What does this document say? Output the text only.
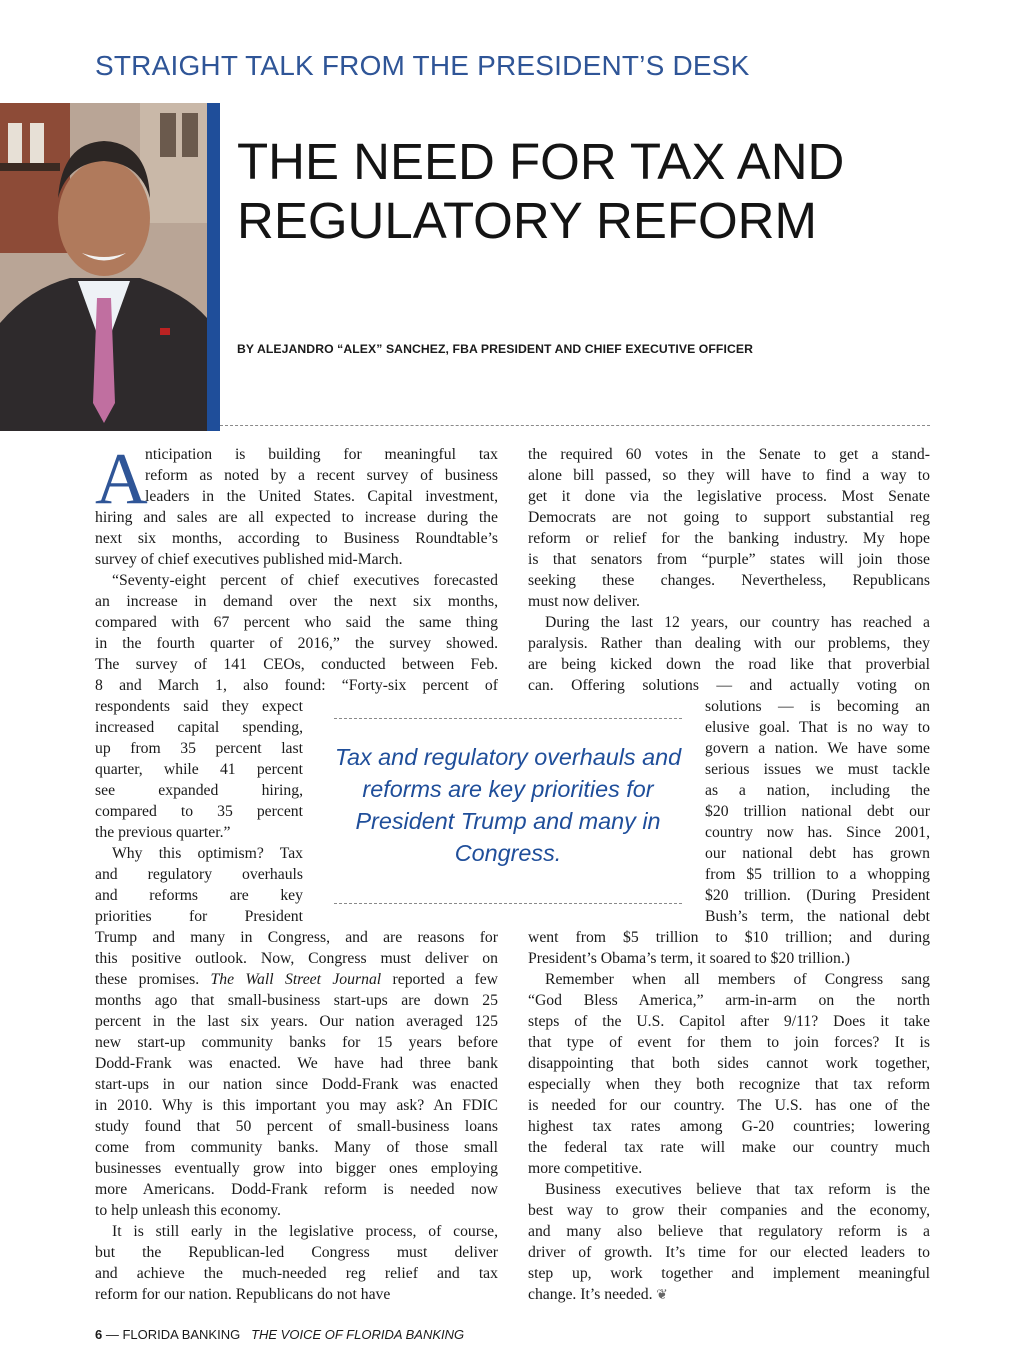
STRAIGHT TALK FROM THE PRESIDENT’S DESK
THE NEED FOR TAX AND
REGULATORY REFORM
BY ALEJANDRO “ALEX” SANCHEZ, FBA PRESIDENT AND CHIEF EXECUTIVE OFFICER
A
nticipation is building for meaningful tax
reform as noted by a recent survey of business
leaders in the United States. Capital investment,
hiring and sales are all expected to increase during the
next six months, according to Business Roundtable’s
survey of chief executives published mid-March.
“Seventy-eight percent of chief executives forecasted
an increase in demand over the next six months,
compared with 67 percent who said the same thing
in the fourth quarter of 2016,” the survey showed.
The survey of 141 CEOs, conducted between Feb.
8 and March 1, also found: “Forty-six percent of
respondents said they expect
increased capital spending,
up from 35 percent last
quarter, while 41 percent
see expanded hiring,
compared to 35 percent
the previous quarter.”
Why this optimism? Tax
and regulatory overhauls
and reforms are key
priorities for President
Trump and many in Congress, and are reasons for
this positive outlook. Now, Congress must deliver on
these promises. The Wall Street Journal reported a few
months ago that small-business start-ups are down 25
percent in the last six years. Our nation averaged 125
new start-up community banks for 15 years before
Dodd-Frank was enacted. We have had three bank
start-ups in our nation since Dodd-Frank was enacted
in 2010. Why is this important you may ask? An FDIC
study found that 50 percent of small-business loans
come from community banks. Many of those small
businesses eventually grow into bigger ones employing
more Americans. Dodd-Frank reform is needed now
to help unleash this economy.
It is still early in the legislative process, of course,
but the Republican-led Congress must deliver
and achieve the much-needed reg relief and tax
reform for our nation. Republicans do not have
the required 60 votes in the Senate to get a stand-
alone bill passed, so they will have to find a way to
get it done via the legislative process. Most Senate
Democrats are not going to support substantial reg
reform or relief for the banking industry. My hope
is that senators from “purple” states will join those
seeking these changes. Nevertheless, Republicans
must now deliver.
During the last 12 years, our country has reached a
paralysis. Rather than dealing with our problems, they
are being kicked down the road like that proverbial
can. Offering solutions — and actually voting on
solutions — is becoming an
elusive goal. That is no way to
govern a nation. We have some
serious issues we must tackle
as a nation, including the
$20 trillion national debt our
country now has. Since 2001,
our national debt has grown
from $5 trillion to a whopping
$20 trillion. (During President
Bush’s term, the national debt
went from $5 trillion to $10 trillion; and during
President’s Obama’s term, it soared to $20 trillion.)
Remember when all members of Congress sang
“God Bless America,” arm-in-arm on the north
steps of the U.S. Capitol after 9/11? Does it take
that type of event for them to join forces? It is
disappointing that both sides cannot work together,
especially when they both recognize that tax reform
is needed for our country. The U.S. has one of the
highest tax rates among G-20 countries; lowering
the federal tax rate will make our country much
more competitive.
Business executives believe that tax reform is the
best way to grow their companies and the economy,
and many also believe that regulatory reform is a
driver of growth. It’s time for our elected leaders to
step up, work together and implement meaningful
change. It’s needed. ❦
Tax and regulatory overhauls and reforms are key priorities for President Trump and many in Congress.
6 — FLORIDA BANKING THE VOICE OF FLORIDA BANKING
